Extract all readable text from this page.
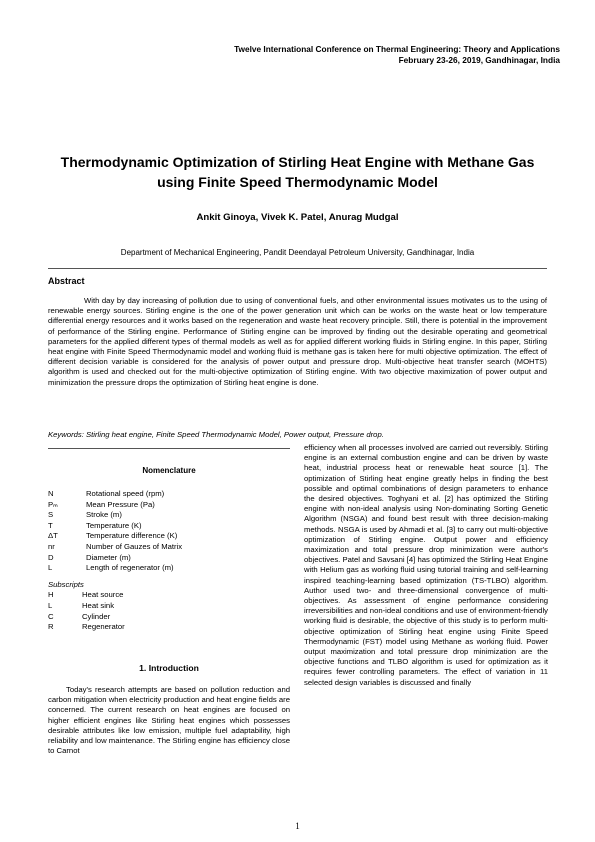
Twelve International Conference on Thermal Engineering: Theory and Applications
February 23-26, 2019, Gandhinagar, India
Thermodynamic Optimization of Stirling Heat Engine with Methane Gas
using Finite Speed Thermodynamic Model
Ankit Ginoya, Vivek K. Patel, Anurag Mudgal
Department of Mechanical Engineering, Pandit Deendayal Petroleum University, Gandhinagar, India
Abstract

With day by day increasing of pollution due to using of conventional fuels, and other environmental issues motivates us to the using of renewable energy sources. Stirling engine is the one of the power generation unit which can be works on the waste heat or low temperature differential energy resources and it works based on the regeneration and waste heat recovery principle. Still, there is potential in the improvement of performance of the Stirling engine. Performance of Stirling engine can be improved by finding out the desirable operating and geometrical parameters for the applied different types of thermal models as well as for applied different working fluids in Stirling engine. In this paper, Stirling heat engine with Finite Speed Thermodynamic model and working fluid is methane gas is taken here for multi objective optimization. The effect of different decision variable is considered for the analysis of power output and pressure drop. Multi-objective heat transfer search (MOHTS) algorithm is used and checked out for the multi-objective optimization of Stirling engine. With two objective maximization of power output and minimization the pressure drops the optimization of Stirling heat engine is done.

Keywords: Stirling heat engine, Finite Speed Thermodynamic Model, Power output, Pressure drop.

Nomenclature
N	Rotational speed (rpm)
Pₘ	Mean Pressure (Pa)
S	Stroke (m)
T	Temperature (K)
ΔT	Temperature difference (K)
nr	Number of Gauzes of Matrix
D	Diameter (m)
L	Length of regenerator (m)
Subscripts
H	Heat source
L	Heat sink
C	Cylinder
R	Regenerator
1. Introduction

Today's research attempts are based on pollution reduction and carbon mitigation when electricity production and heat engine fields are concerned. The current research on heat engines are focused on higher efficient engines like Stirling heat engines which possesses desirable attributes like low emission, multiple fuel adaptability, high reliability and low maintenance. The Stirling engine has efficiency close to Carnot

efficiency when all processes involved are carried out reversibly. Stirling engine is an external combustion engine and can be driven by waste heat, industrial process heat or renewable heat source [1]. The optimization of Stirling heat engine greatly helps in finding the best possible and optimal combinations of design parameters to enhance the desired objectives. Toghyani et al. [2] has optimized the Stirling engine with non-ideal analysis using Non-dominating Sorting Genetic Algorithm (NSGA) and found best result with three decision-making methods. NSGA is used by Ahmadi et al. [3] to carry out multi-objective optimization of Stirling engine. Output power and efficiency maximization and total pressure drop minimization were author's objectives. Patel and Savsani [4] has optimized the Stirling Heat Engine with Helium gas as working fluid using tutorial training and self-learning inspired teaching-learning based optimization (TS-TLBO) algorithm. Author used two- and three-dimensional convergence of multi-objectives. As assessment of engine performance considering irreversibilities and non-ideal conditions and use of environment-friendly working fluid is desirable, the objective of this study is to perform multi-objective optimization of Stirling heat engine using Finite Speed Thermodynamic (FST) model using Methane as working fluid. Power output maximization and total pressure drop minimization are the objective functions and TLBO algorithm is used for optimization as it requires fewer controlling parameters. The effect of variation in 11 selected design variables is discussed and finally

1
